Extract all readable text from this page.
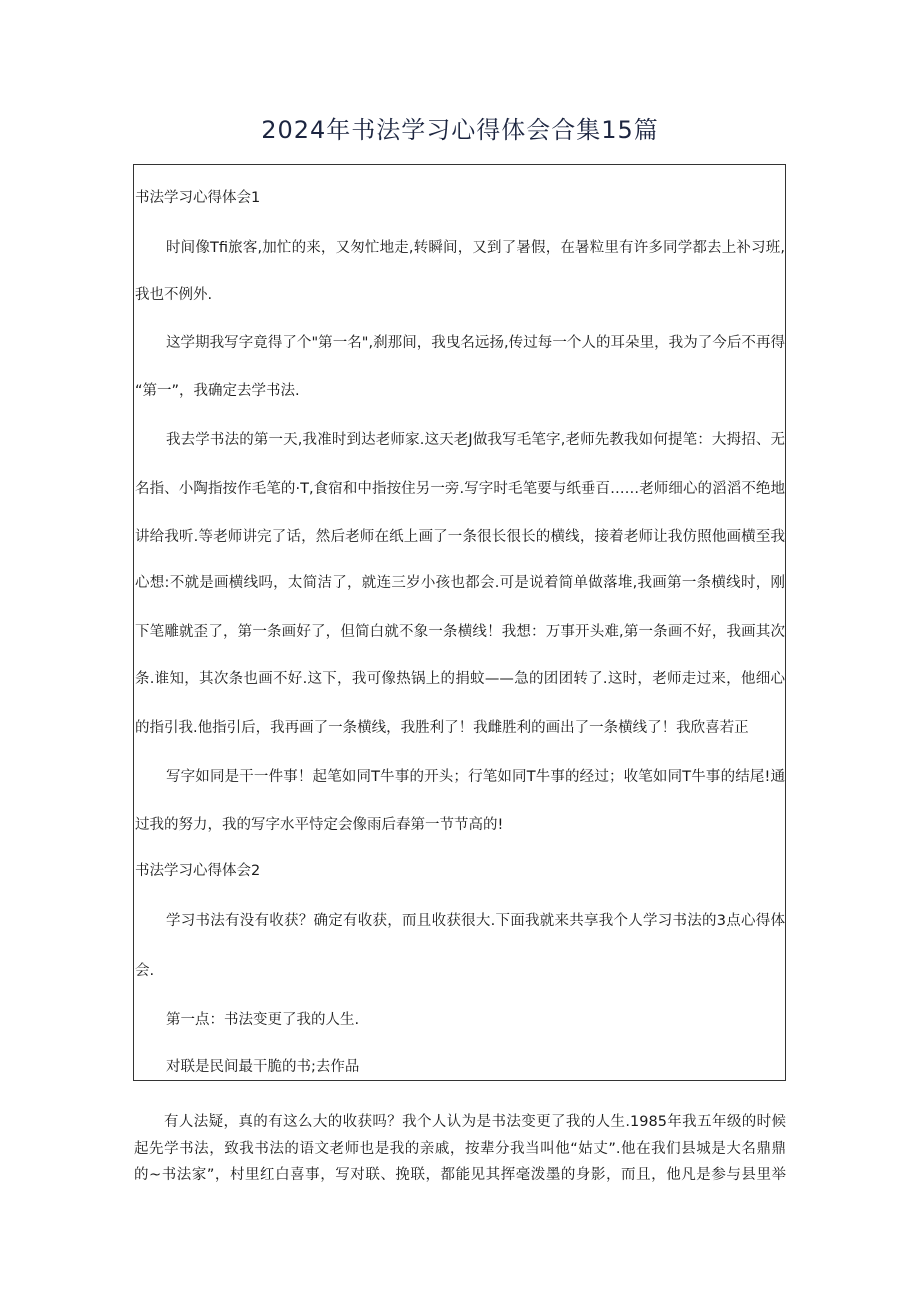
2024年书法学习心得体会合集15篇
书法学习心得体会1
时间像Tfi旅客,加忙的来，又匆忙地走,转瞬间，又到了暑假，在暑粒里有许多同学都去上补习班,
我也不例外.
这学期我写字竟得了个"第一名",刹那间，我曳名远扬,传过每一个人的耳朵里，我为了今后不再得
“第一”，我确定去学书法.
我去学书法的第一天,我准时到达老师家.这天老J做我写毛笔字,老师先教我如何提笔：大拇招、无
名指、小陶指按作毛笔的·T,食宿和中指按住另一旁.写字时毛笔要与纸垂百……老师细心的滔滔不绝地
讲给我听.等老师讲完了话，然后老师在纸上画了一条很长很长的横线，接着老师让我仿照他画横至我
心想:不就是画横线吗，太简洁了，就连三岁小孩也都会.可是说着简单做落堆,我画第一条横线时，刚
下笔雕就歪了，第一条画好了，但简白就不象一条横线！我想：万事开头难,第一条画不好，我画其次
条.谁知，其次条也画不好.这下，我可像热锅上的捐蚊——急的团团转了.这时，老师走过来，他细心
的指引我.他指引后，我再画了一条横线，我胜利了！我雌胜利的画出了一条横线了！我欣喜若正
写字如同是干一件事！起笔如同T牛事的开头；行笔如同T牛事的经过；收笔如同T牛事的结尾!通
过我的努力，我的写字水平恃定会像雨后春第一节节高的!
书法学习心得体会2
学习书法有没有收获？确定有收获，而且收获很大.下面我就来共享我个人学习书法的3点心得体
会.
第一点：书法变更了我的人生.
对联是民间最干脆的书;去作品
有人法疑，真的有这么大的收获吗？我个人认为是书法变更了我的人生.1985年我五年级的时候
起先学书法，致我书法的语文老师也是我的亲戚，按辈分我当叫他“姑丈”.他在我们县城是大名鼎鼎
的~书法家”，村里红白喜事，写对联、挽联，都能见其挥毫泼墨的身影，而且，他凡是参与县里举
